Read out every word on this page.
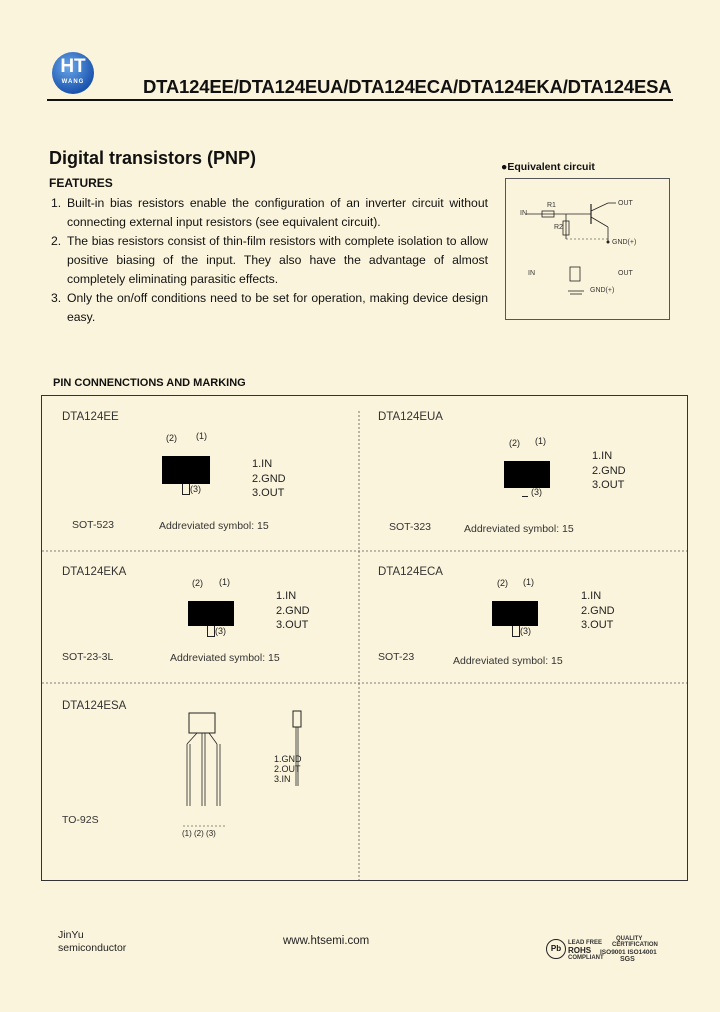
HT
WANG	DTA124EE/DTA124EUA/DTA124ECA/DTA124EKA/DTA124ESA
Digital transistors (PNP)
FEATURES
1. Built-in bias resistors enable the configuration of an inverter circuit without connecting external input resistors (see equivalent circuit).
2. The bias resistors consist of thin-film resistors with complete isolation to allow positive biasing of the input. They also have the advantage of almost completely eliminating parasitic effects.
3. Only the on/off conditions need to be set for operation, making device design easy.
●Equivalent circuit
IN
R1
R2
OUT
GND(+)
IN	OUT
GND(+)
PIN CONNENCTIONS AND MARKING
DTA124EE
(2) (1)
(3)
1.IN
2.GND
3.OUT
SOT-523	Addreviated symbol: 15
DTA124EUA
(2) (1)
(3)
1.IN
2.GND
3.OUT
SOT-323	Addreviated symbol: 15
DTA124EKA
(2) (1)
(3)
1.IN
2.GND
3.OUT
SOT-23-3L	Addreviated symbol: 15
DTA124ECA
(2) (1)
(3)
1.IN
2.GND
3.OUT
SOT-23	Addreviated symbol: 15
DTA124ESA
1.GND
2.OUT
3.IN
TO-92S
(1) (2) (3)
JinYu
semiconductor
www.htsemi.com
Pb
LEAD FREE
ROHS
COMPLIANT
QUALITY
CERTIFICATION
ISO9001 ISO14001
SGS
